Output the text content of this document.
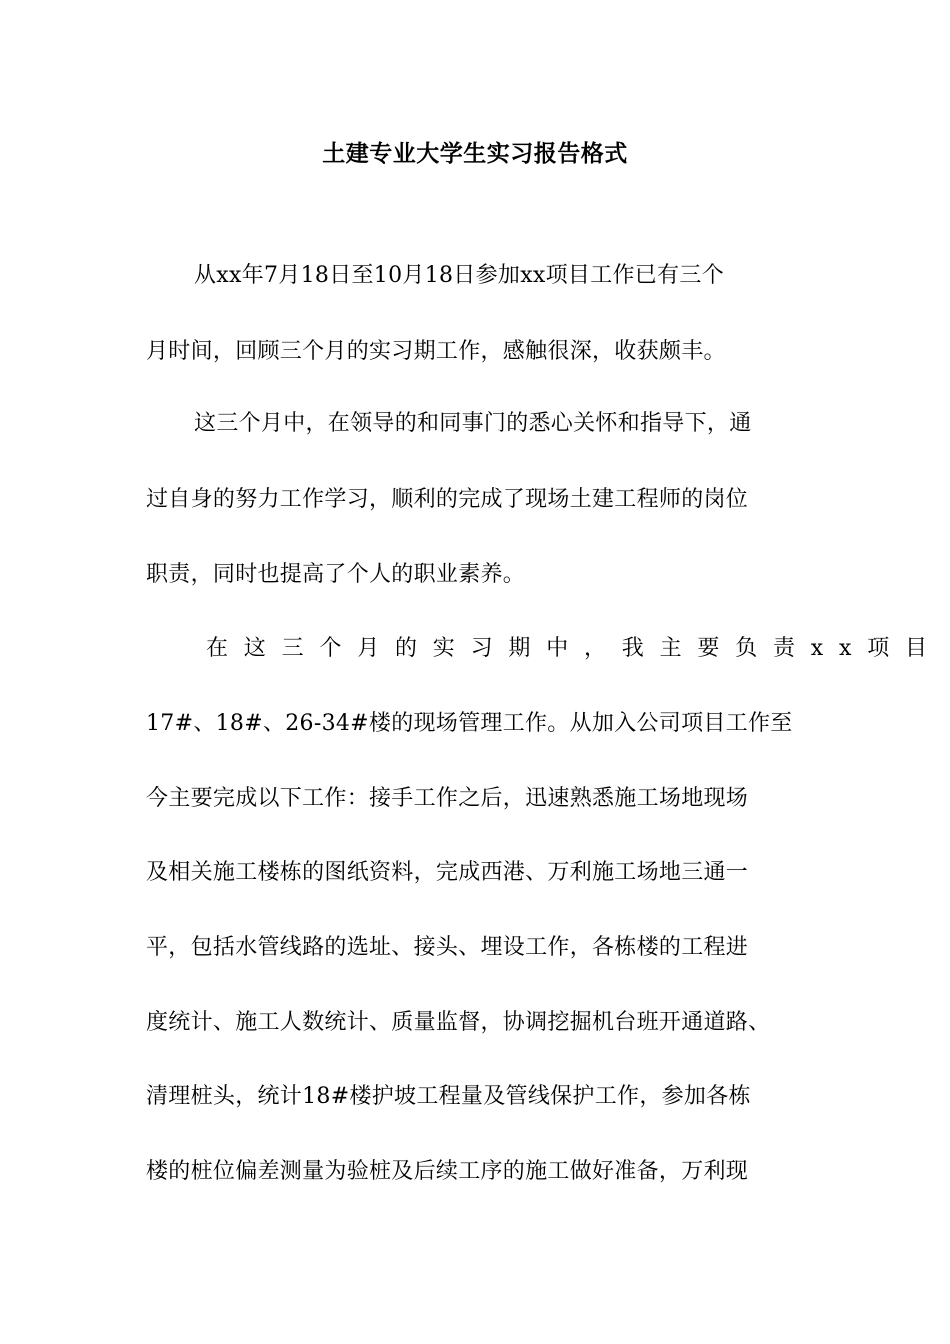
土建专业大学生实习报告格式
从xx年7月18日至10月18日参加xx项目工作已有三个
月时间，回顾三个月的实习期工作，感触很深，收获颇丰。
这三个月中，在领导的和同事门的悉心关怀和指导下，通
过自身的努力工作学习，顺利的完成了现场土建工程师的岗位
职责，同时也提高了个人的职业素养。
在这三个月的实习期中，我主要负责xx项目
17#、18#、26-34#楼的现场管理工作。从加入公司项目工作至
今主要完成以下工作：接手工作之后，迅速熟悉施工场地现场
及相关施工楼栋的图纸资料，完成西港、万利施工场地三通一
平，包括水管线路的选址、接头、埋设工作，各栋楼的工程进
度统计、施工人数统计、质量监督，协调挖掘机台班开通道路、
清理桩头，统计18#楼护坡工程量及管线保护工作，参加各栋
楼的桩位偏差测量为验桩及后续工序的施工做好准备，万利现
